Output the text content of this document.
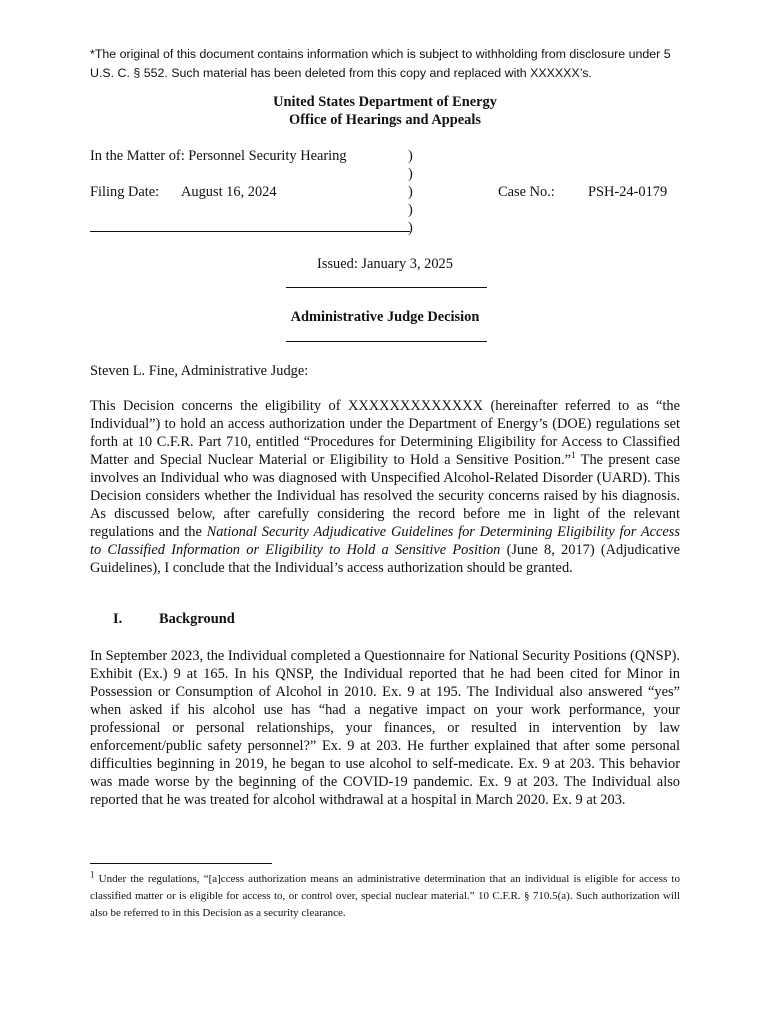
*The original of this document contains information which is subject to withholding from disclosure under 5 U.S. C. § 552. Such material has been deleted from this copy and replaced with XXXXXX’s.

United States Department of Energy
Office of Hearings and Appeals
In the Matter of: Personnel Security Hearing	)
)
Filing Date: August 16, 2024	)	Case No.: PSH-24-0179
)
)
Issued: January 3, 2025
Administrative Judge Decision

Steven L. Fine, Administrative Judge:

This Decision concerns the eligibility of XXXXXXXXXXXXX (hereinafter referred to as “the Individual”) to hold an access authorization under the Department of Energy’s (DOE) regulations set forth at 10 C.F.R. Part 710, entitled “Procedures for Determining Eligibility for Access to Classified Matter and Special Nuclear Material or Eligibility to Hold a Sensitive Position.”$^1$ The present case involves an Individual who was diagnosed with Unspecified Alcohol-Related Disorder (UARD). This Decision considers whether the Individual has resolved the security concerns raised by his diagnosis. As discussed below, after carefully considering the record before me in light of the relevant regulations and the National Security Adjudicative Guidelines for Determining Eligibility for Access to Classified Information or Eligibility to Hold a Sensitive Position (June 8, 2017) (Adjudicative Guidelines), I conclude that the Individual’s access authorization should be granted.

I.	Background

In September 2023, the Individual completed a Questionnaire for National Security Positions (QNSP). Exhibit (Ex.) 9 at 165. In his QNSP, the Individual reported that he had been cited for Minor in Possession or Consumption of Alcohol in 2010. Ex. 9 at 195. The Individual also answered “yes” when asked if his alcohol use has “had a negative impact on your work performance, your professional or personal relationships, your finances, or resulted in intervention by law enforcement/public safety personnel?” Ex. 9 at 203. He further explained that after some personal difficulties beginning in 2019, he began to use alcohol to self-medicate. Ex. 9 at 203. This behavior was made worse by the beginning of the COVID-19 pandemic. Ex. 9 at 203. The Individual also reported that he was treated for alcohol withdrawal at a hospital in March 2020. Ex. 9 at 203.

$^1$ Under the regulations, “[a]ccess authorization means an administrative determination that an individual is eligible for access to classified matter or is eligible for access to, or control over, special nuclear material.” 10 C.F.R. § 710.5(a). Such authorization will also be referred to in this Decision as a security clearance.
